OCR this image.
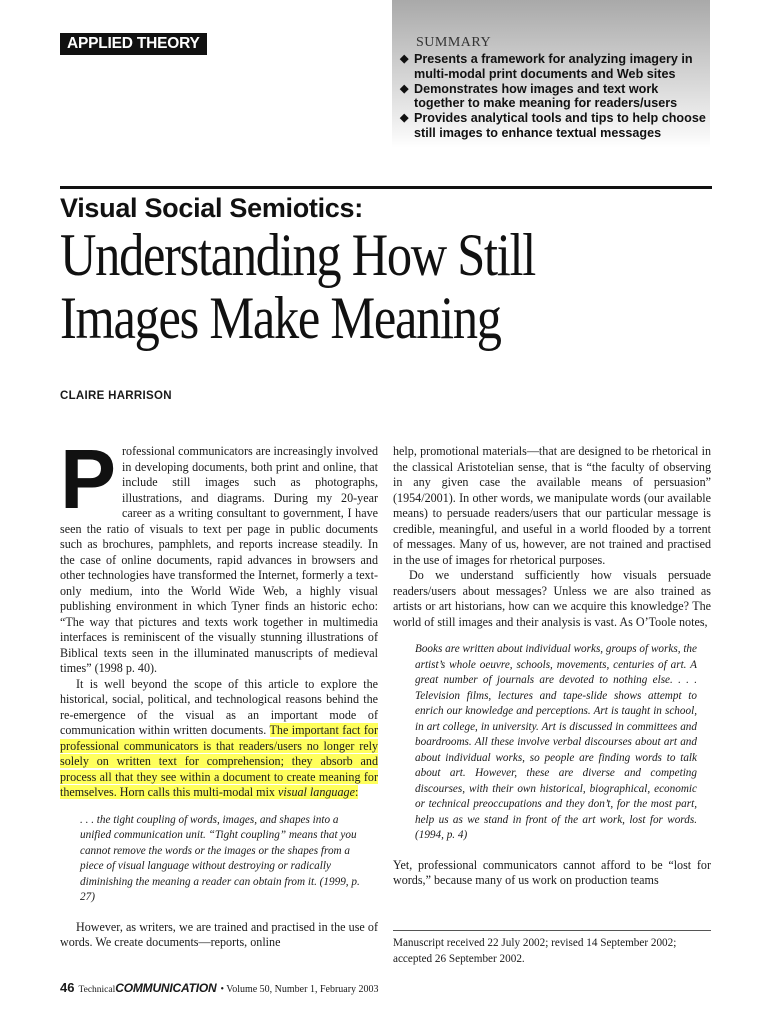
APPLIED THEORY	SUMMARY
◆ Presents a framework for analyzing imagery in multi-modal print documents and Web sites
◆ Demonstrates how images and text work together to make meaning for readers/users
◆ Provides analytical tools and tips to help choose still images to enhance textual messages
Visual Social Semiotics:
Understanding How Still Images Make Meaning
CLAIRE HARRISON

Professional communicators are increasingly involved in developing documents, both print and online, that include still images such as photographs, illustrations, and diagrams. During my 20-year career as a writing consultant to government, I have seen the ratio of visuals to text per page in public documents such as brochures, pamphlets, and reports increase steadily. In the case of online documents, rapid advances in browsers and other technologies have transformed the Internet, formerly a text-only medium, into the World Wide Web, a highly visual publishing environment in which Tyner finds an historic echo: “The way that pictures and texts work together in multimedia interfaces is reminiscent of the visually stunning illustrations of Biblical texts seen in the illuminated manuscripts of medieval times” (1998 p. 40).

It is well beyond the scope of this article to explore the historical, social, political, and technological reasons behind the re-emergence of the visual as an important mode of communication within written documents. The important fact for professional communicators is that readers/users no longer rely solely on written text for comprehension; they absorb and process all that they see within a document to create meaning for themselves. Horn calls this multi-modal mix visual language:

. . . the tight coupling of words, images, and shapes into a unified communication unit. “Tight coupling” means that you cannot remove the words or the images or the shapes from a piece of visual language without destroying or radically diminishing the meaning a reader can obtain from it. (1999, p. 27)

However, as writers, we are trained and practised in the use of words. We create documents—reports, online

help, promotional materials—that are designed to be rhetorical in the classical Aristotelian sense, that is “the faculty of observing in any given case the available means of persuasion” (1954/2001). In other words, we manipulate words (our available means) to persuade readers/users that our particular message is credible, meaningful, and useful in a world flooded by a torrent of messages. Many of us, however, are not trained and practised in the use of images for rhetorical purposes.

Do we understand sufficiently how visuals persuade readers/users about messages? Unless we are also trained as artists or art historians, how can we acquire this knowledge? The world of still images and their analysis is vast. As O’Toole notes,

Books are written about individual works, groups of works, the artist’s whole oeuvre, schools, movements, centuries of art. A great number of journals are devoted to nothing else. . . . Television films, lectures and tape-slide shows attempt to enrich our knowledge and perceptions. Art is taught in school, in art college, in university. Art is discussed in committees and boardrooms. All these involve verbal discourses about art and about individual works, so people are finding words to talk about art. However, these are diverse and competing discourses, with their own historical, biographical, economic or technical preoccupations and they don’t, for the most part, help us as we stand in front of the art work, lost for words. (1994, p. 4)

Yet, professional communicators cannot afford to be “lost for words,” because many of us work on production teams

Manuscript received 22 July 2002; revised 14 September 2002; accepted 26 September 2002.
46 TechnicalCOMMUNICATION • Volume 50, Number 1, February 2003
